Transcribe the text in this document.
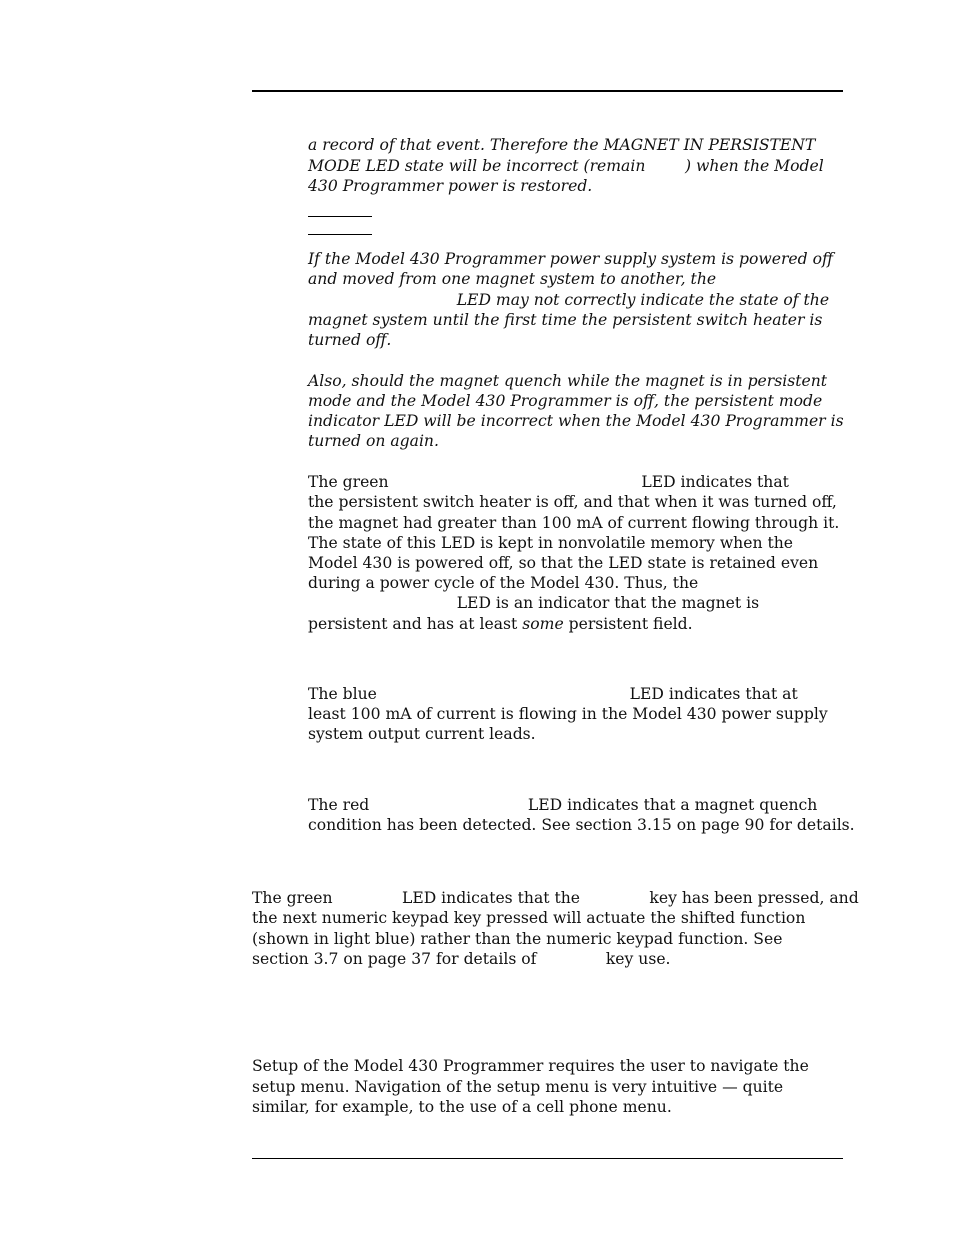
a record of that event. Therefore the MAGNET IN PERSISTENT
MODE LED state will be incorrect (remain        ) when the Model
430 Programmer power is restored.
If the Model 430 Programmer power supply system is powered off
and moved from one magnet system to another, the
LED may not correctly indicate the state of the
magnet system until the first time the persistent switch heater is
turned off.
Also, should the magnet quench while the magnet is in persistent
mode and the Model 430 Programmer is off, the persistent mode
indicator LED will be incorrect when the Model 430 Programmer is
turned on again.
The green                                                   LED indicates that
the persistent switch heater is off, and that when it was turned off,
the magnet had greater than 100 mA of current flowing through it.
The state of this LED is kept in nonvolatile memory when the
Model 430 is powered off, so that the LED state is retained even
during a power cycle of the Model 430. Thus, the
LED is an indicator that the magnet is
persistent and has at least some persistent field.
The blue                                                   LED indicates that at
least 100 mA of current is flowing in the Model 430 power supply
system output current leads.
The red                                LED indicates that a magnet quench
condition has been detected. See section 3.15 on page 90 for details.
The green              LED indicates that the              key has been pressed, and
the next numeric keypad key pressed will actuate the shifted function
(shown in light blue) rather than the numeric keypad function. See
section 3.7 on page 37 for details of              key use.
Setup of the Model 430 Programmer requires the user to navigate the
setup menu. Navigation of the setup menu is very intuitive — quite
similar, for example, to the use of a cell phone menu.
